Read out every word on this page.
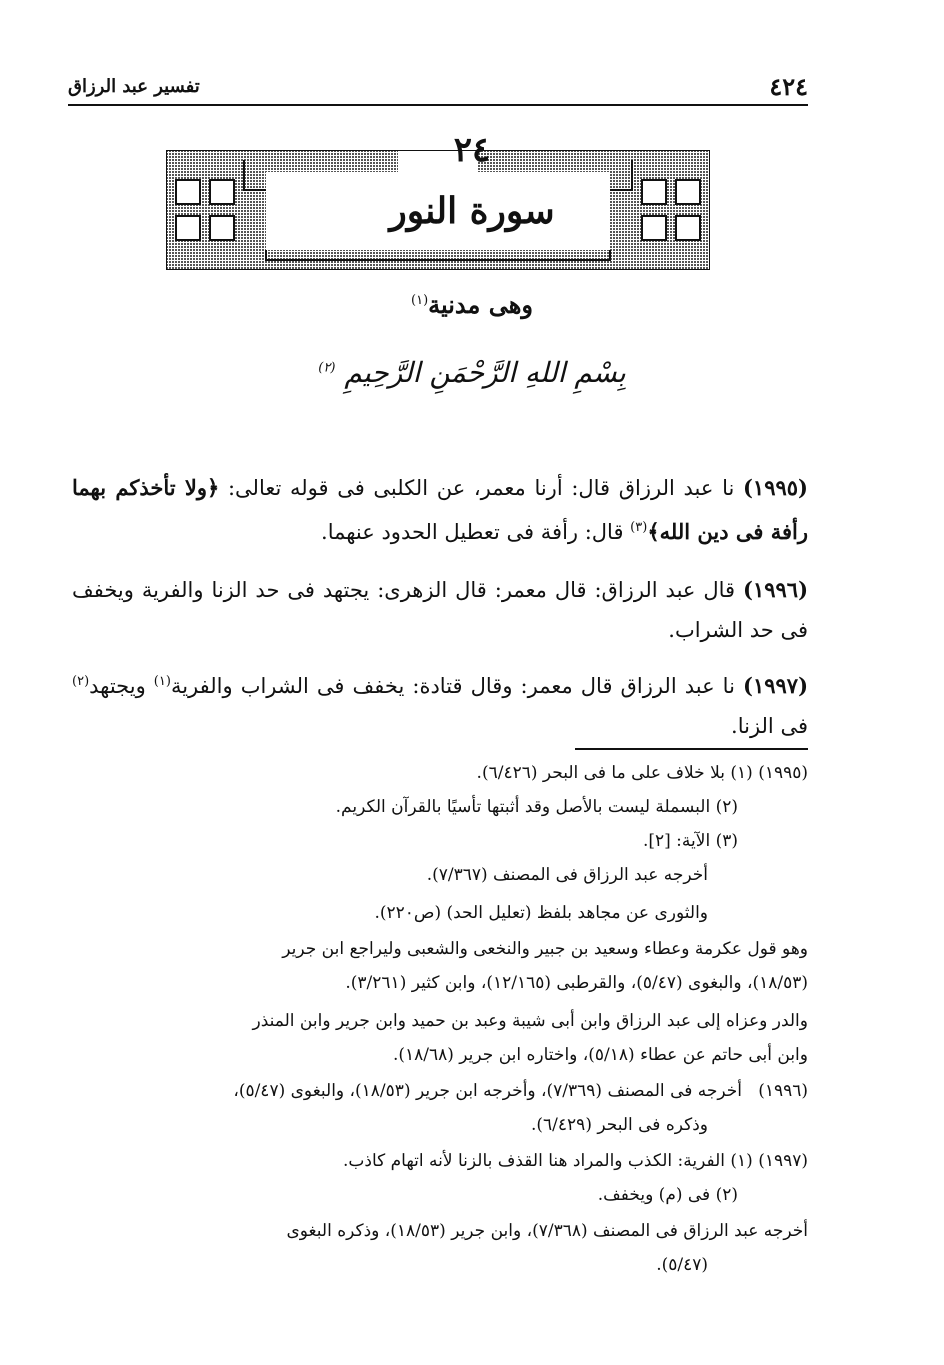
٤٢٤
تفسير عبد الرزاق
٢٤
سورة النور
وهى مدنية$^{(١)}$
بِسْمِ اللهِ الرَّحْمَنِ الرَّحِيمِ $^{(٢)}$
(١٩٩٥) نا عبد الرزاق قال: أرنا معمر، عن الكلبى فى قوله تعالى: ﴿ولا تأخذكم بهما رأفة فى دين الله﴾$^{(٣)}$ قال: رأفة فى تعطيل الحدود عنهما.
(١٩٩٦) قال عبد الرزاق: قال معمر: قال الزهرى: يجتهد فى حد الزنا والفرية ويخفف فى حد الشراب.
(١٩٩٧) نا عبد الرزاق قال معمر: وقال قتادة: يخفف فى الشراب والفرية$^{(١)}$ ويجتهد$^{(٢)}$ فى الزنا.
(١٩٩٥) (١) بلا خلاف على ما فى البحر (٦/٤٢٦).
(٢) البسملة ليست بالأصل وقد أثبتها تأسيًا بالقرآن الكريم.
(٣) الآية: [٢].
أخرجه عبد الرزاق فى المصنف (٧/٣٦٧).
والثورى عن مجاهد بلفظ (تعليل الحد) (ص٢٢٠).
وهو قول عكرمة وعطاء وسعيد بن جبير والنخعى والشعبى وليراجع ابن جرير
(١٨/٥٣)، والبغوى (٥/٤٧)، والقرطبى (١٢/١٦٥)، وابن كثير (٣/٢٦١).
والدر وعزاه إلى عبد الرزاق وابن أبى شيبة وعبد بن حميد وابن جرير وابن المنذر
وابن أبى حاتم عن عطاء (٥/١٨)، واختاره ابن جرير (١٨/٦٨).
(١٩٩٦)أخرجه فى المصنف (٧/٣٦٩)، وأخرجه ابن جرير (١٨/٥٣)، والبغوى (٥/٤٧)،
وذكره فى البحر (٦/٤٢٩).
(١٩٩٧) (١) الفرية: الكذب والمراد هنا القذف بالزنا لأنه اتهام كاذب.
(٢) فى (م) ويخفف.
أخرجه عبد الرزاق فى المصنف (٧/٣٦٨)، وابن جرير (١٨/٥٣)، وذكره البغوى
(٥/٤٧).
